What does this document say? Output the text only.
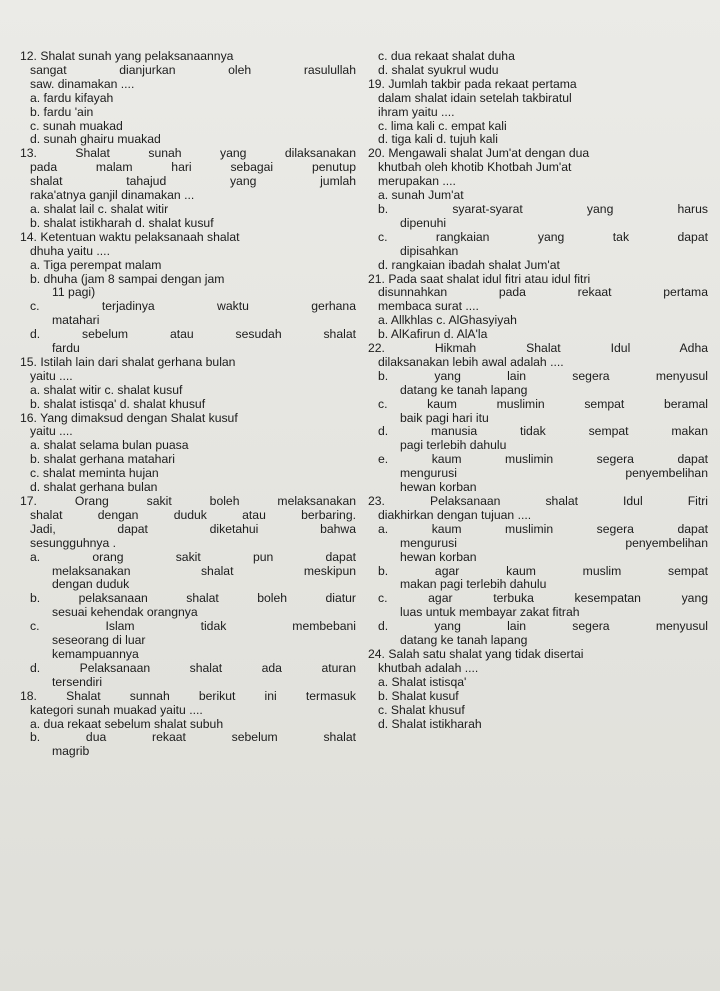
12. Shalat sunah yang pelaksanaannya
sangat dianjurkan oleh rasulullah
saw. dinamakan ....
a. fardu kifayah
b. fardu 'ain
c. sunah muakad
d. sunah ghairu muakad
13. Shalat sunah yang dilaksanakan
pada malam hari sebagai penutup
shalat tahajud yang jumlah
raka'atnya ganjil dinamakan ...
a. shalat lail c. shalat witir
b. shalat istikharah d. shalat kusuf
14. Ketentuan waktu pelaksanaah shalat
dhuha yaitu ....
a. Tiga perempat malam
b. dhuha (jam 8 sampai dengan jam
11 pagi)
c. terjadinya waktu gerhana
matahari
d. sebelum atau sesudah shalat
fardu
15. Istilah lain dari shalat gerhana bulan
yaitu ....
a. shalat witir c. shalat kusuf
b. shalat istisqa' d. shalat khusuf
16. Yang dimaksud dengan Shalat kusuf
yaitu ....
a. shalat selama bulan puasa
b. shalat gerhana matahari
c. shalat meminta hujan
d. shalat gerhana bulan
17. Orang sakit boleh melaksanakan
shalat dengan duduk atau berbaring.
Jadi, dapat diketahui bahwa
sesungguhnya .
a. orang sakit pun dapat
melaksanakan shalat meskipun
dengan duduk
b. pelaksanaan shalat boleh diatur
sesuai kehendak orangnya
c. Islam tidak membebani
seseorang di luar
kemampuannya
d. Pelaksanaan shalat ada aturan
tersendiri
18. Shalat sunnah berikut ini termasuk
kategori sunah muakad yaitu ....
a. dua rekaat sebelum shalat subuh
b. dua rekaat sebelum shalat
magrib
c. dua rekaat shalat duha
d. shalat syukrul wudu
19. Jumlah takbir pada rekaat pertama
dalam shalat idain setelah takbiratul
ihram yaitu ....
c. lima kali c. empat kali
d. tiga kali d. tujuh kali
20. Mengawali shalat Jum'at dengan dua
khutbah oleh khotib Khotbah Jum'at
merupakan ....
a. sunah Jum'at
b. syarat-syarat yang harus
dipenuhi
c. rangkaian yang tak dapat
dipisahkan
d. rangkaian ibadah shalat Jum'at
21. Pada saat shalat idul fitri atau idul fitri
disunnahkan pada rekaat pertama
membaca surat ....
a. Allkhlas c. AlGhasyiyah
b. AlKafirun d. AlA'la
22. Hikmah Shalat Idul Adha
dilaksanakan lebih awal adalah ....
b. yang lain segera menyusul
datang ke tanah lapang
c. kaum muslimin sempat beramal
baik pagi hari itu
d. manusia tidak sempat makan
pagi terlebih dahulu
e. kaum muslimin segera dapat
mengurusi penyembelihan
hewan korban
23. Pelaksanaan shalat Idul Fitri
diakhirkan dengan tujuan ....
a. kaum muslimin segera dapat
mengurusi penyembelihan
hewan korban
b. agar kaum muslim sempat
makan pagi terlebih dahulu
c. agar terbuka kesempatan yang
luas untuk membayar zakat fitrah
d. yang lain segera menyusul
datang ke tanah lapang
24. Salah satu shalat yang tidak disertai
khutbah adalah ....
a. Shalat istisqa'
b. Shalat kusuf
c. Shalat khusuf
d. Shalat istikharah
